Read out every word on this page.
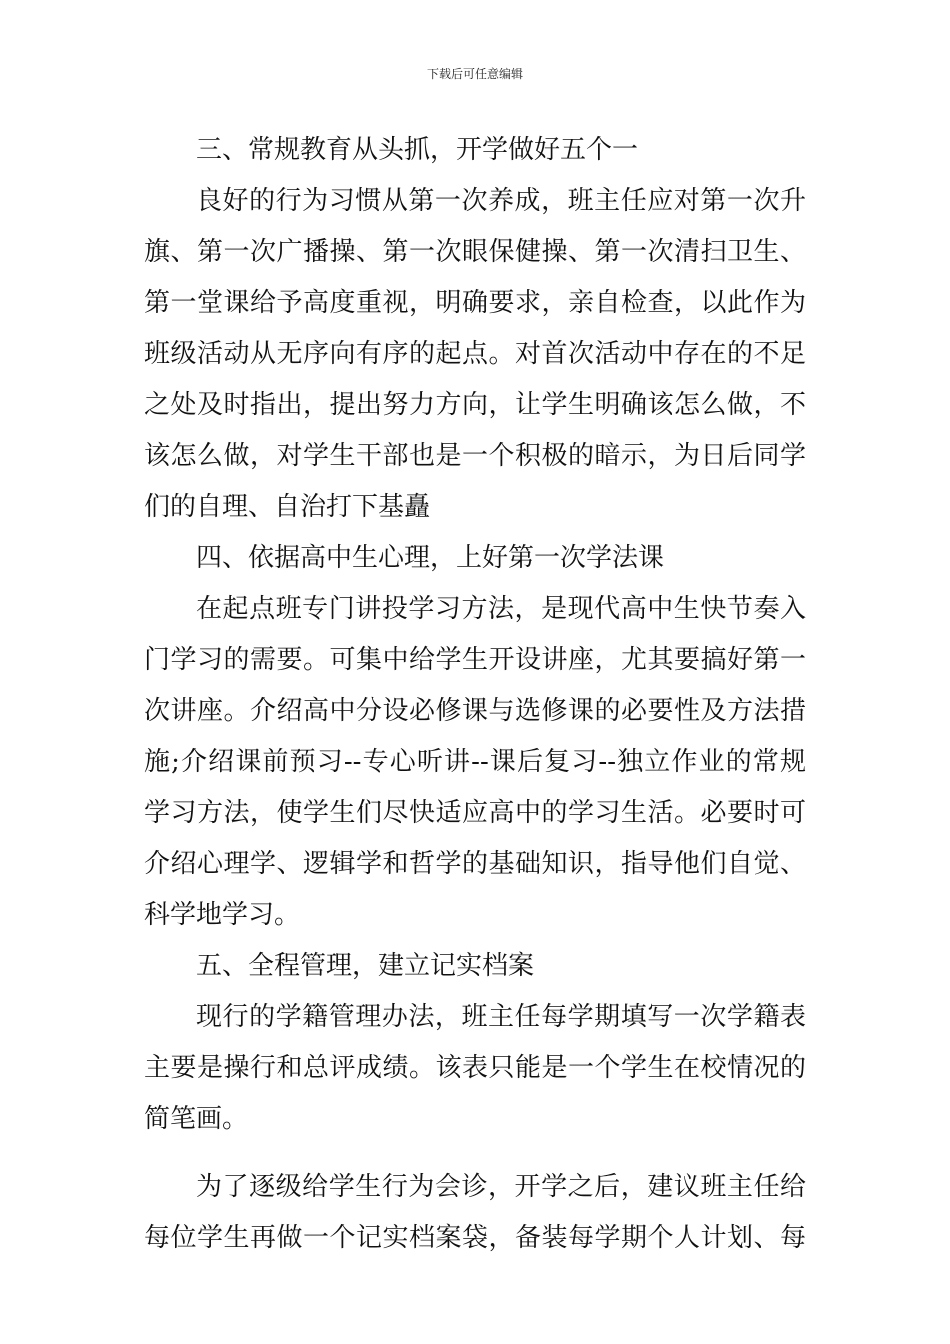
下载后可任意编辑
三、常规教育从头抓，开学做好五个一
良好的行为习惯从第一次养成，班主任应对第一次升
旗、第一次广播操、第一次眼保健操、第一次清扫卫生、
第一堂课给予高度重视，明确要求，亲自检查，以此作为
班级活动从无序向有序的起点。对首次活动中存在的不足
之处及时指出，提出努力方向，让学生明确该怎么做，不
该怎么做，对学生干部也是一个积极的暗示，为日后同学
们的自理、自治打下基矗
四、依据高中生心理，上好第一次学法课
在起点班专门讲投学习方法，是现代高中生快节奏入
门学习的需要。可集中给学生开设讲座，尤其要搞好第一
次讲座。介绍高中分设必修课与选修课的必要性及方法措
施;介绍课前预习--专心听讲--课后复习--独立作业的常规
学习方法，使学生们尽快适应高中的学习生活。必要时可
介绍心理学、逻辑学和哲学的基础知识，指导他们自觉、
科学地学习。
五、全程管理，建立记实档案
现行的学籍管理办法，班主任每学期填写一次学籍表
主要是操行和总评成绩。该表只能是一个学生在校情况的
简笔画。
为了逐级给学生行为会诊，开学之后，建议班主任给
每位学生再做一个记实档案袋，备装每学期个人计划、每
